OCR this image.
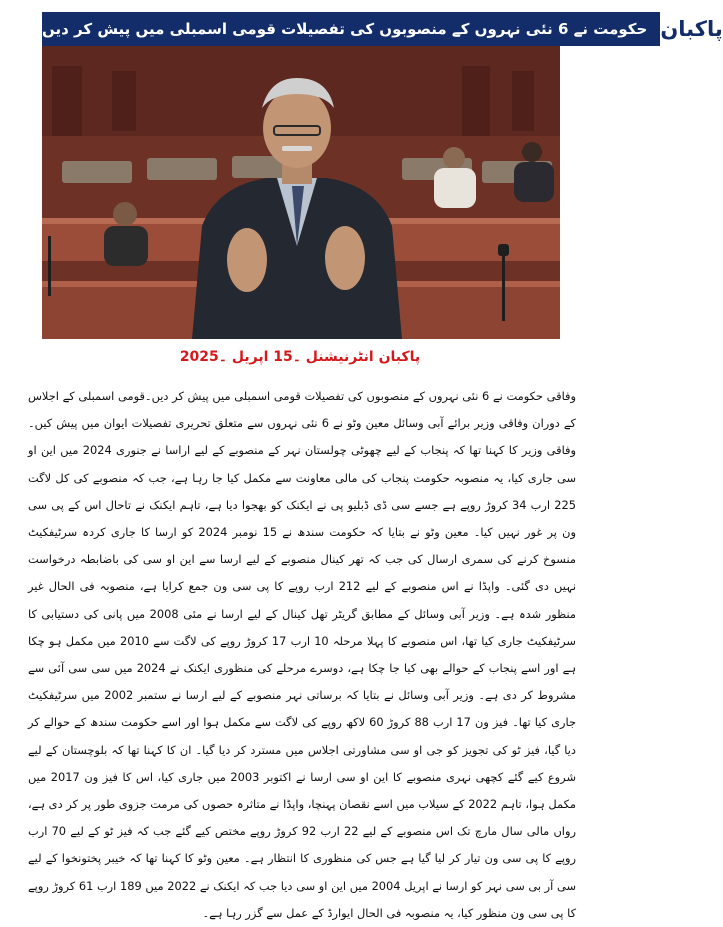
حکومت نے 6 نئی نہروں کے منصوبوں کی تفصیلات قومی اسمبلی میں پیش کر دیں پاکبان
پاکبان انٹرنیشنل ۔15 اپریل ۔2025

وفاقی حکومت نے 6 نئی نہروں کے منصوبوں کی تفصیلات قومی اسمبلی میں پیش کر دیں۔قومی اسمبلی کے اجلاس کے دوران وفاقی وزیر برائے آبی وسائل معین وٹو نے 6 نئی نہروں سے متعلق تحریری تفصیلات ایوان میں پیش کیں۔ وفاقی وزیر کا کہنا تھا کہ پنجاب کے لیے چھوٹی چولستان نہر کے منصوبے کے لیے اراسا نے جنوری 2024 میں این او سی جاری کیا، یہ منصوبہ حکومت پنجاب کی مالی معاونت سے مکمل کیا جا رہا ہے، جب کہ منصوبے کی کل لاگت 225 ارب 34 کروڑ روپے ہے جسے سی ڈی ڈبلیو پی نے ایکنک کو بھجوا دیا ہے، تاہم ایکنک نے تاحال اس کے پی سی ون پر غور نہیں کیا۔ معین وٹو نے بتایا کہ حکومت سندھ نے 15 نومبر 2024 کو ارسا کا جاری کردہ سرٹیفکیٹ منسوخ کرنے کی سمری ارسال کی جب کہ تھر کینال منصوبے کے لیے ارسا سے این او سی کی باضابطہ درخواست نہیں دی گئی۔ واپڈا نے اس منصوبے کے لیے 212 ارب روپے کا پی سی ون جمع کرایا ہے، منصوبہ فی الحال غیر منظور شدہ ہے۔ وزیر آبی وسائل کے مطابق گریٹر تھل کینال کے لیے ارسا نے مئی 2008 میں پانی کی دستیابی کا سرٹیفکیٹ جاری کیا تھا، اس منصوبے کا پہلا مرحلہ 10 ارب 17 کروڑ روپے کی لاگت سے 2010 میں مکمل ہو چکا ہے اور اسے پنجاب کے حوالے بھی کیا جا چکا ہے، دوسرے مرحلے کی منظوری ایکنک نے 2024 میں سی سی آئی سے مشروط کر دی ہے۔ وزیر آبی وسائل نے بتایا کہ برساتی نہر منصوبے کے لیے ارسا نے ستمبر 2002 میں سرٹیفکیٹ جاری کیا تھا۔ فیز ون 17 ارب 88 کروڑ 60 لاکھ روپے کی لاگت سے مکمل ہوا اور اسے حکومت سندھ کے حوالے کر دیا گیا، فیز ٹو کی تجویز کو جی او سی مشاورتی اجلاس میں مسترد کر دیا گیا۔ ان کا کہنا تھا کہ بلوچستان کے لیے شروع کیے گئے کچھی نہری منصوبے کا این او سی ارسا نے اکتوبر 2003 میں جاری کیا، اس کا فیز ون 2017 میں مکمل ہوا، تاہم 2022 کے سیلاب میں اسے نقصان پہنچا، واپڈا نے متاثرہ حصوں کی مرمت جزوی طور پر کر دی ہے، رواں مالی سال مارچ تک اس منصوبے کے لیے 22 ارب 92 کروڑ روپے مختص کیے گئے جب کہ فیز ٹو کے لیے 70 ارب روپے کا پی سی ون تیار کر لیا گیا ہے جس کی منظوری کا انتظار ہے۔ معین وٹو کا کہنا تھا کہ خیبر پختونخوا کے لیے سی آر بی سی نہر کو ارسا نے اپریل 2004 میں این او سی دیا جب کہ ایکنک نے 2022 میں 189 ارب 61 کروڑ روپے کا پی سی ون منظور کیا، یہ منصوبہ فی الحال ایوارڈ کے عمل سے گزر رہا ہے۔
